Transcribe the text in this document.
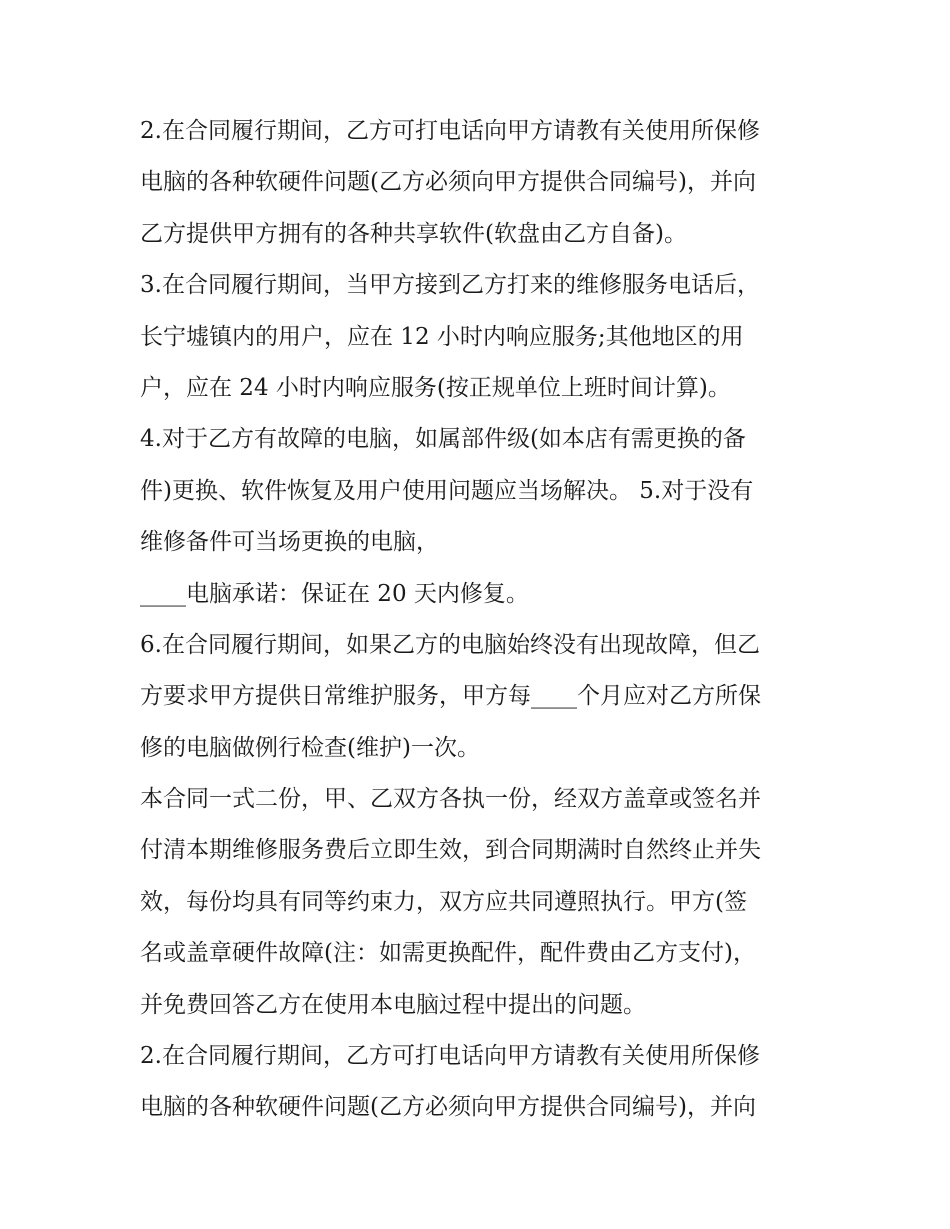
2.在合同履行期间，乙方可打电话向甲方请教有关使用所保修
电脑的各种软硬件问题(乙方必须向甲方提供合同编号)，并向
乙方提供甲方拥有的各种共享软件(软盘由乙方自备)。
3.在合同履行期间，当甲方接到乙方打来的维修服务电话后，
长宁墟镇内的用户，应在 12 小时内响应服务;其他地区的用
户，应在 24 小时内响应服务(按正规单位上班时间计算)。
4.对于乙方有故障的电脑，如属部件级(如本店有需更换的备
件)更换、软件恢复及用户使用问题应当场解决。 5.对于没有
维修备件可当场更换的电脑，
____电脑承诺：保证在 20 天内修复。
6.在合同履行期间，如果乙方的电脑始终没有出现故障，但乙
方要求甲方提供日常维护服务，甲方每____个月应对乙方所保
修的电脑做例行检查(维护)一次。
本合同一式二份，甲、乙双方各执一份，经双方盖章或签名并
付清本期维修服务费后立即生效，到合同期满时自然终止并失
效，每份均具有同等约束力，双方应共同遵照执行。甲方(签
名或盖章硬件故障(注：如需更换配件，配件费由乙方支付)，
并免费回答乙方在使用本电脑过程中提出的问题。
2.在合同履行期间，乙方可打电话向甲方请教有关使用所保修
电脑的各种软硬件问题(乙方必须向甲方提供合同编号)，并向
